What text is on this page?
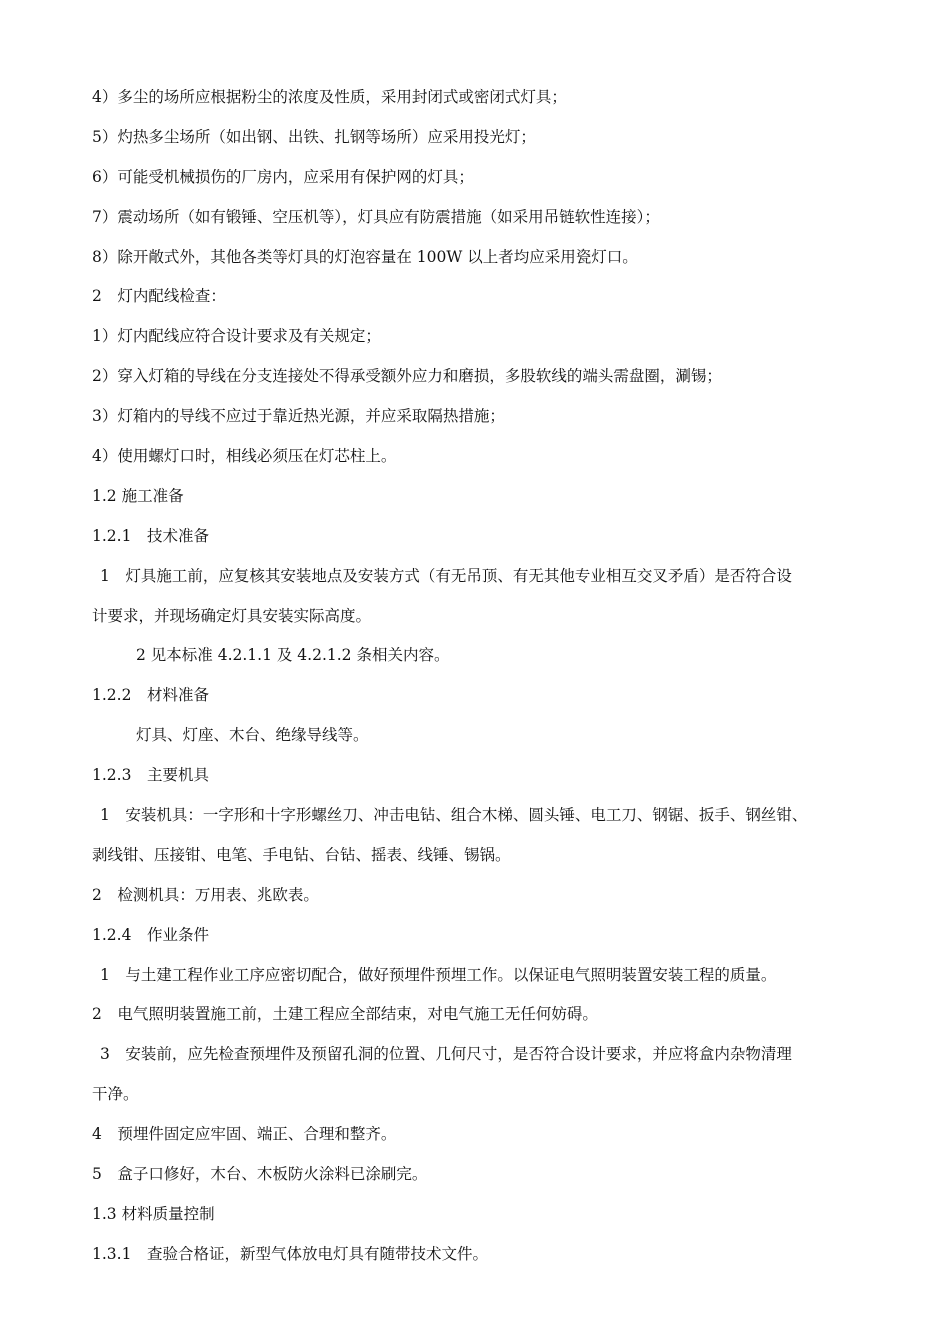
4）多尘的场所应根据粉尘的浓度及性质，采用封闭式或密闭式灯具；
5）灼热多尘场所（如出钢、出铁、扎钢等场所）应采用投光灯；
6）可能受机械损伤的厂房内，应采用有保护网的灯具；
7）震动场所（如有锻锤、空压机等），灯具应有防震措施（如采用吊链软性连接）；
8）除开敞式外，其他各类等灯具的灯泡容量在 100W 以上者均应采用瓷灯口。
2　灯内配线检查：
1）灯内配线应符合设计要求及有关规定；
2）穿入灯箱的导线在分支连接处不得承受额外应力和磨损，多股软线的端头需盘圈，涮锡；
3）灯箱内的导线不应过于靠近热光源，并应采取隔热措施；
4）使用螺灯口时，相线必须压在灯芯柱上。
1.2 施工准备
1.2.1　技术准备
1　灯具施工前，应复核其安装地点及安装方式（有无吊顶、有无其他专业相互交叉矛盾）是否符合设
计要求，并现场确定灯具安装实际高度。
2 见本标准 4.2.1.1 及 4.2.1.2 条相关内容。
1.2.2　材料准备
灯具、灯座、木台、绝缘导线等。
1.2.3　主要机具
1　安装机具：一字形和十字形螺丝刀、冲击电钻、组合木梯、圆头锤、电工刀、钢锯、扳手、钢丝钳、
剥线钳、压接钳、电笔、手电钻、台钻、摇表、线锤、锡锅。
2　检测机具：万用表、兆欧表。
1.2.4　作业条件
1　与土建工程作业工序应密切配合，做好预埋件预埋工作。以保证电气照明装置安装工程的质量。
2　电气照明装置施工前，土建工程应全部结束，对电气施工无任何妨碍。
3　安装前，应先检查预埋件及预留孔洞的位置、几何尺寸，是否符合设计要求，并应将盒内杂物清理
干净。
4　预埋件固定应牢固、端正、合理和整齐。
5　盒子口修好，木台、木板防火涂料已涂刷完。
1.3 材料质量控制
1.3.1　查验合格证，新型气体放电灯具有随带技术文件。
